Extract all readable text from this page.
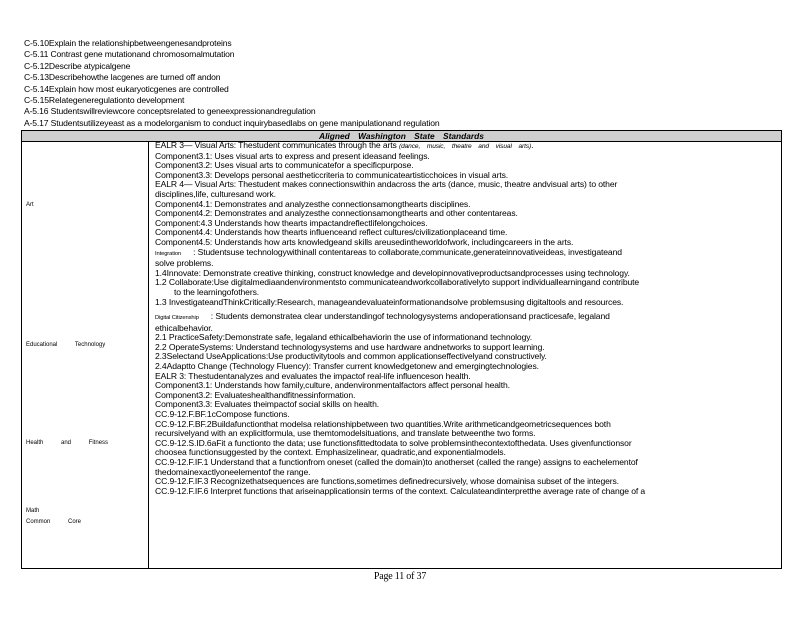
C-5.10Explain the relationshipbetweengenesandproteins
C-5.11 Contrast gene mutationand chromosomalmutation
C-5.12Describe atypicalgene
C-5.13Describehowthe lacgenes are turned off andon
C-5.14Explain how most eukaryoticgenes are controlled
C-5.15Relategeneregulationto development
A-5.16 Studentswillreviewcore conceptsrelated to geneexpressionandregulation
A-5.17 Studentsutilizeyeast as a modelorganism to conduct inquirybasedlabs on gene manipulationand regulation
Aligned Washington State Standards
Art
Educational Technology
Health and Fitness
Math
Common Core
EALR 3— Visual Arts: Thestudent communicates through the arts (dance, music, theatre and visual arts).
Component3.1: Uses visual arts to express and present ideasand feelings.
Component3.2: Uses visual arts to communicatefor a specificpurpose.
Component3.3: Develops personal aestheticcriteria to communicateartisticchoices in visual arts.
EALR 4— Visual Arts: Thestudent makes connectionswithin andacross the arts (dance, music, theatre andvisual arts) to other
disciplines,life, culturesand work.
Component4.1: Demonstrates and analyzesthe connectionsamongthearts disciplines.
Component4.2: Demonstrates and analyzesthe connectionsamongthearts and other contentareas.
Component:4.3 Understands how thearts impactandreflectlifelongchoices.
Component4.4: Understands how thearts influenceand reflect cultures/civilizationplaceand time.
Component4.5: Understands how arts knowledgeand skills areusedintheworldofwork, includingcareers in the arts.
Integration : Studentsuse technologywithinall contentareas to collaborate,communicate,generateinnovativeideas, investigateand
solve problems.
1.4Innovate: Demonstrate creative thinking, construct knowledge and developinnovativeproductsandprocesses using technology.
1.2 Collaborate:Use digitalmediaandenvironmentsto communicateandworkcollaborativelyto support individuallearningand contribute
to the learningofothers.
1.3 InvestigateandThinkCritically:Research, manageandevaluateinformationandsolve problemsusing digitaltools and resources.
Digital Citizenship : Students demonstratea clear understandingof technologysystems andoperationsand practicesafe, legaland
ethicalbehavior.
2.1 PracticeSafety:Demonstrate safe, legaland ethicalbehaviorin the use of informationand technology.
2.2 OperateSystems: Understand technologysystems and use hardware andnetworks to support learning.
2.3Selectand UseApplications:Use productivitytools and common applicationseffectivelyand constructively.
2.4Adaptto Change (Technology Fluency): Transfer current knowledgetonew and emergingtechnologies.
EALR 3: Thestudentanalyzes and evaluates the impactof real-life influenceson health.
Component3.1: Understands how family,culture, andenvironmentalfactors affect personal health.
Component3.2: Evaluateshealthandfitnessinformation.
Component3.3: Evaluates theimpactof social skills on health.
CC.9-12.F.BF.1cCompose functions.
CC.9-12.F.BF.2Buildafunctionthat modelsa relationshipbetween two quantities.Write arithmeticandgeometricsequences both
recursivelyand with an explicitformula, use themtomodelsituations, and translate betweenthe two forms.
CC.9-12.S.ID.6aFit a functionto the data; use functionsfittedtodata to solve problemsinthecontextofthedata. Uses givenfunctionsor
choosea functionsuggested by the context. Emphasizelinear, quadratic,and exponentialmodels.
CC.9-12.F.IF.1 Understand that a functionfrom oneset (called the domain)to anotherset (called the range) assigns to eachelementof
thedomainexactlyoneelementof the range.
CC.9-12.F.IF.3 Recognizethatsequences are functions,sometimes definedrecursively, whose domainisa subset of the integers.
CC.9-12.F.IF.6 Interpret functions that ariseinapplicationsin terms of the context. Calculateandinterpretthe average rate of change of a
Page 11 of 37
